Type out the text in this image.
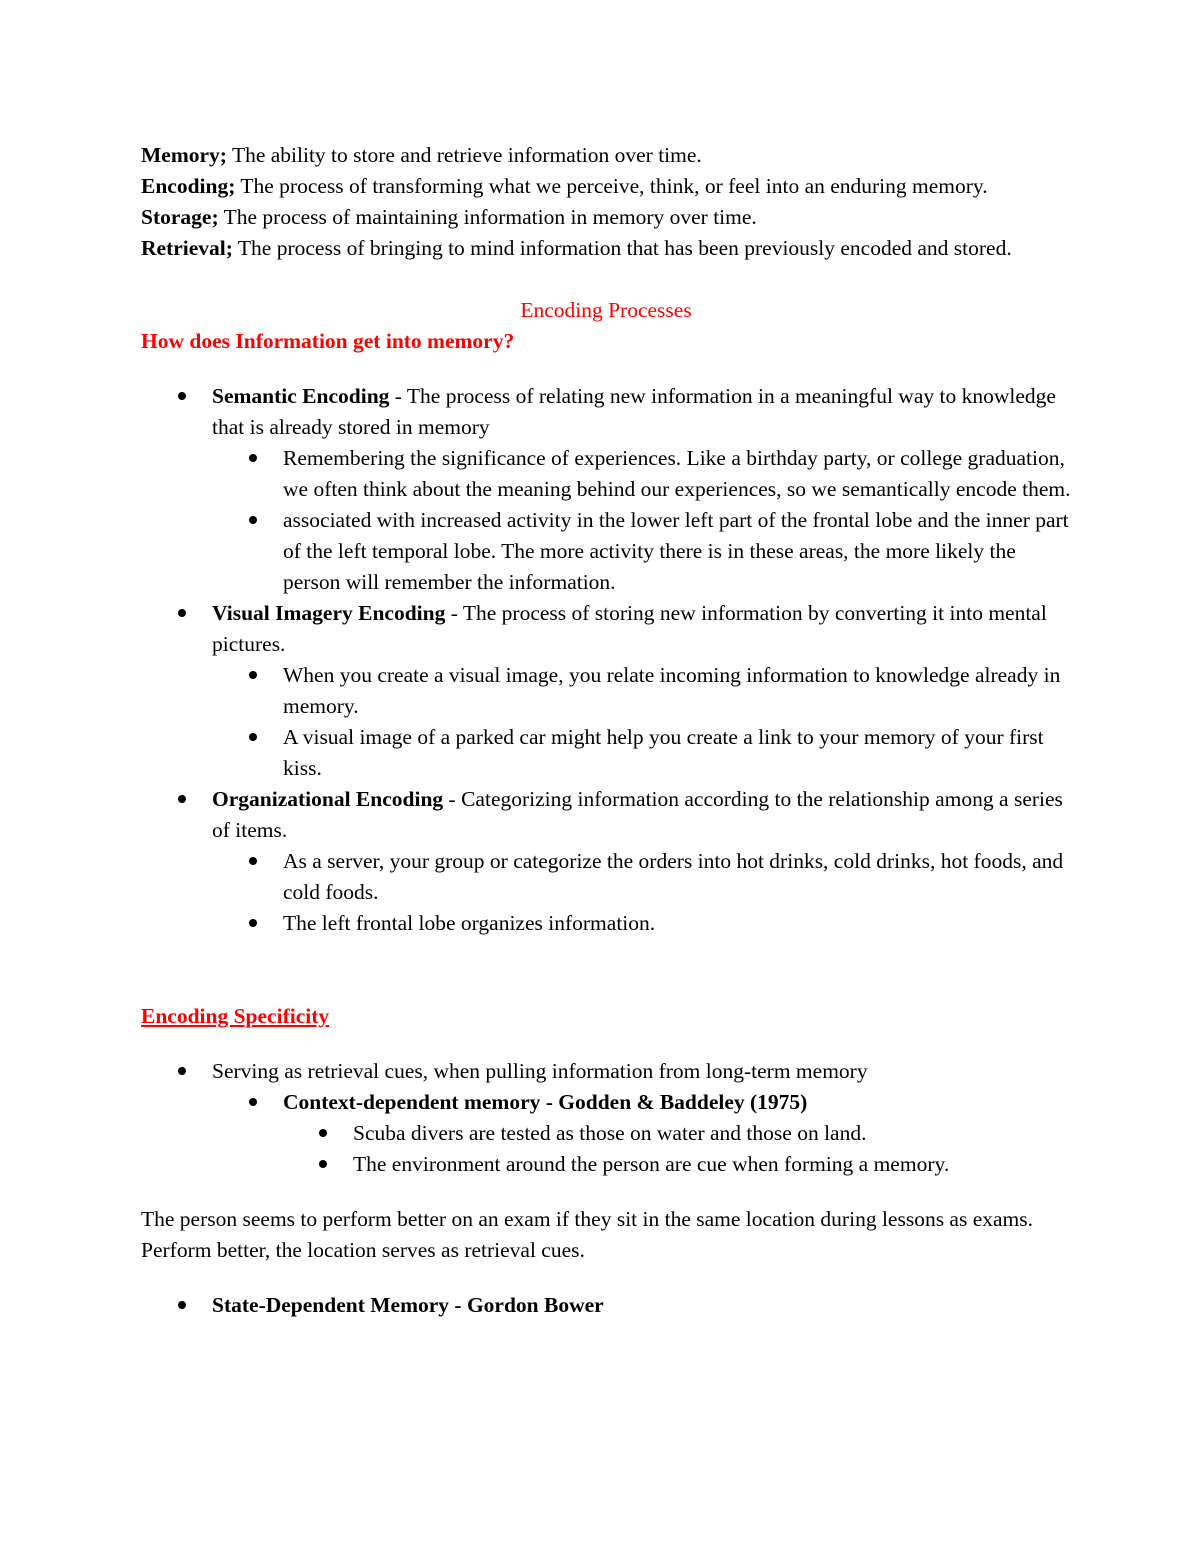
Memory; The ability to store and retrieve information over time.

Encoding; The process of transforming what we perceive, think, or feel into an enduring memory.

Storage; The process of maintaining information in memory over time.

Retrieval; The process of bringing to mind information that has been previously encoded and stored.

Encoding Processes

How does Information get into memory?

Semantic Encoding - The process of relating new information in a meaningful way to knowledge that is already stored in memory
Remembering the significance of experiences. Like a birthday party, or college graduation, we often think about the meaning behind our experiences, so we semantically encode them.
associated with increased activity in the lower left part of the frontal lobe and the inner part of the left temporal lobe. The more activity there is in these areas, the more likely the person will remember the information.
Visual Imagery Encoding - The process of storing new information by converting it into mental pictures.
When you create a visual image, you relate incoming information to knowledge already in memory.
A visual image of a parked car might help you create a link to your memory of your first kiss.
Organizational Encoding - Categorizing information according to the relationship among a series of items.
As a server, your group or categorize the orders into hot drinks, cold drinks, hot foods, and cold foods.
The left frontal lobe organizes information.

Encoding Specificity

Serving as retrieval cues, when pulling information from long-term memory
Context-dependent memory - Godden & Baddeley (1975)
Scuba divers are tested as those on water and those on land.
The environment around the person are cue when forming a memory.

The person seems to perform better on an exam if they sit in the same location during lessons as exams. Perform better, the location serves as retrieval cues.

State-Dependent Memory - Gordon Bower
